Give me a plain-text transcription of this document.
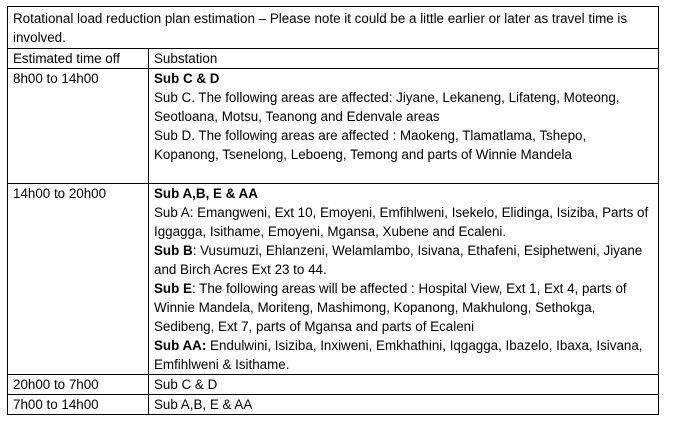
Rotational load reduction plan estimation – Please note it could be a little earlier or later as travel time is involved.	
Estimated time off	Substation
8h00 to 14h00	Sub C & D
Sub C. The following areas are affected: Jiyane, Lekaneng, Lifateng, Moteong, Seotloana, Motsu, Teanong and Edenvale areas
Sub D. The following areas are affected : Maokeng, Tlamatlama, Tshepo, Kopanong, Tsenelong, Leboeng, Temong and parts of Winnie Mandela

14h00 to 20h00	Sub A,B, E & AA
Sub A: Emangweni, Ext 10, Emoyeni, Emfihlweni, Isekelo, Elidinga, Isiziba, Parts of Iggagga, Isithame, Emoyeni, Mgansa, Xubene and Ecaleni.
Sub B: Vusumuzi, Ehlanzeni, Welamlambo, Isivana, Ethafeni, Esiphetweni, Jiyane and Birch Acres Ext 23 to 44.
Sub E: The following areas will be affected : Hospital View, Ext 1, Ext 4, parts of Winnie Mandela, Moriteng, Mashimong, Kopanong, Makhulong, Sethokga, Sedibeng, Ext 7, parts of Mgansa and parts of Ecaleni
Sub AA: Endulwini, Isiziba, Inxiweni, Emkhathini, Iqgagga, Ibazelo, Ibaxa, Isivana, Emfihlweni & Isithame.

20h00 to 7h00	Sub C & D
7h00 to 14h00	Sub A,B, E & AA
